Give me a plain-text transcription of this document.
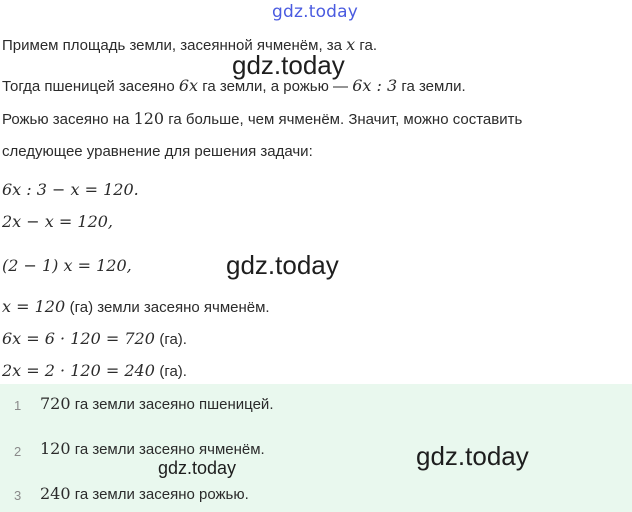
gdz.today
Примем площадь земли, засеянной ячменём, за x га.
gdz.today
Тогда пшеницей засеяно 6x га земли, а рожью — 6x : 3 га земли.
Рожью засеяно на 120 га больше, чем ячменём. Значит, можно составить
следующее уравнение для решения задачи:
6x : 3 − x = 120.
2x − x = 120,
(2 − 1) x = 120,	gdz.today
x = 120 (га) земли засеяно ячменём.
6x = 6 · 120 = 720 (га).
2x = 2 · 120 = 240 (га).
1 720 га земли засеяно пшеницей.
2 120 га земли засеяно ячменём.
3 240 га земли засеяно рожью.
gdz.today	gdz.today
